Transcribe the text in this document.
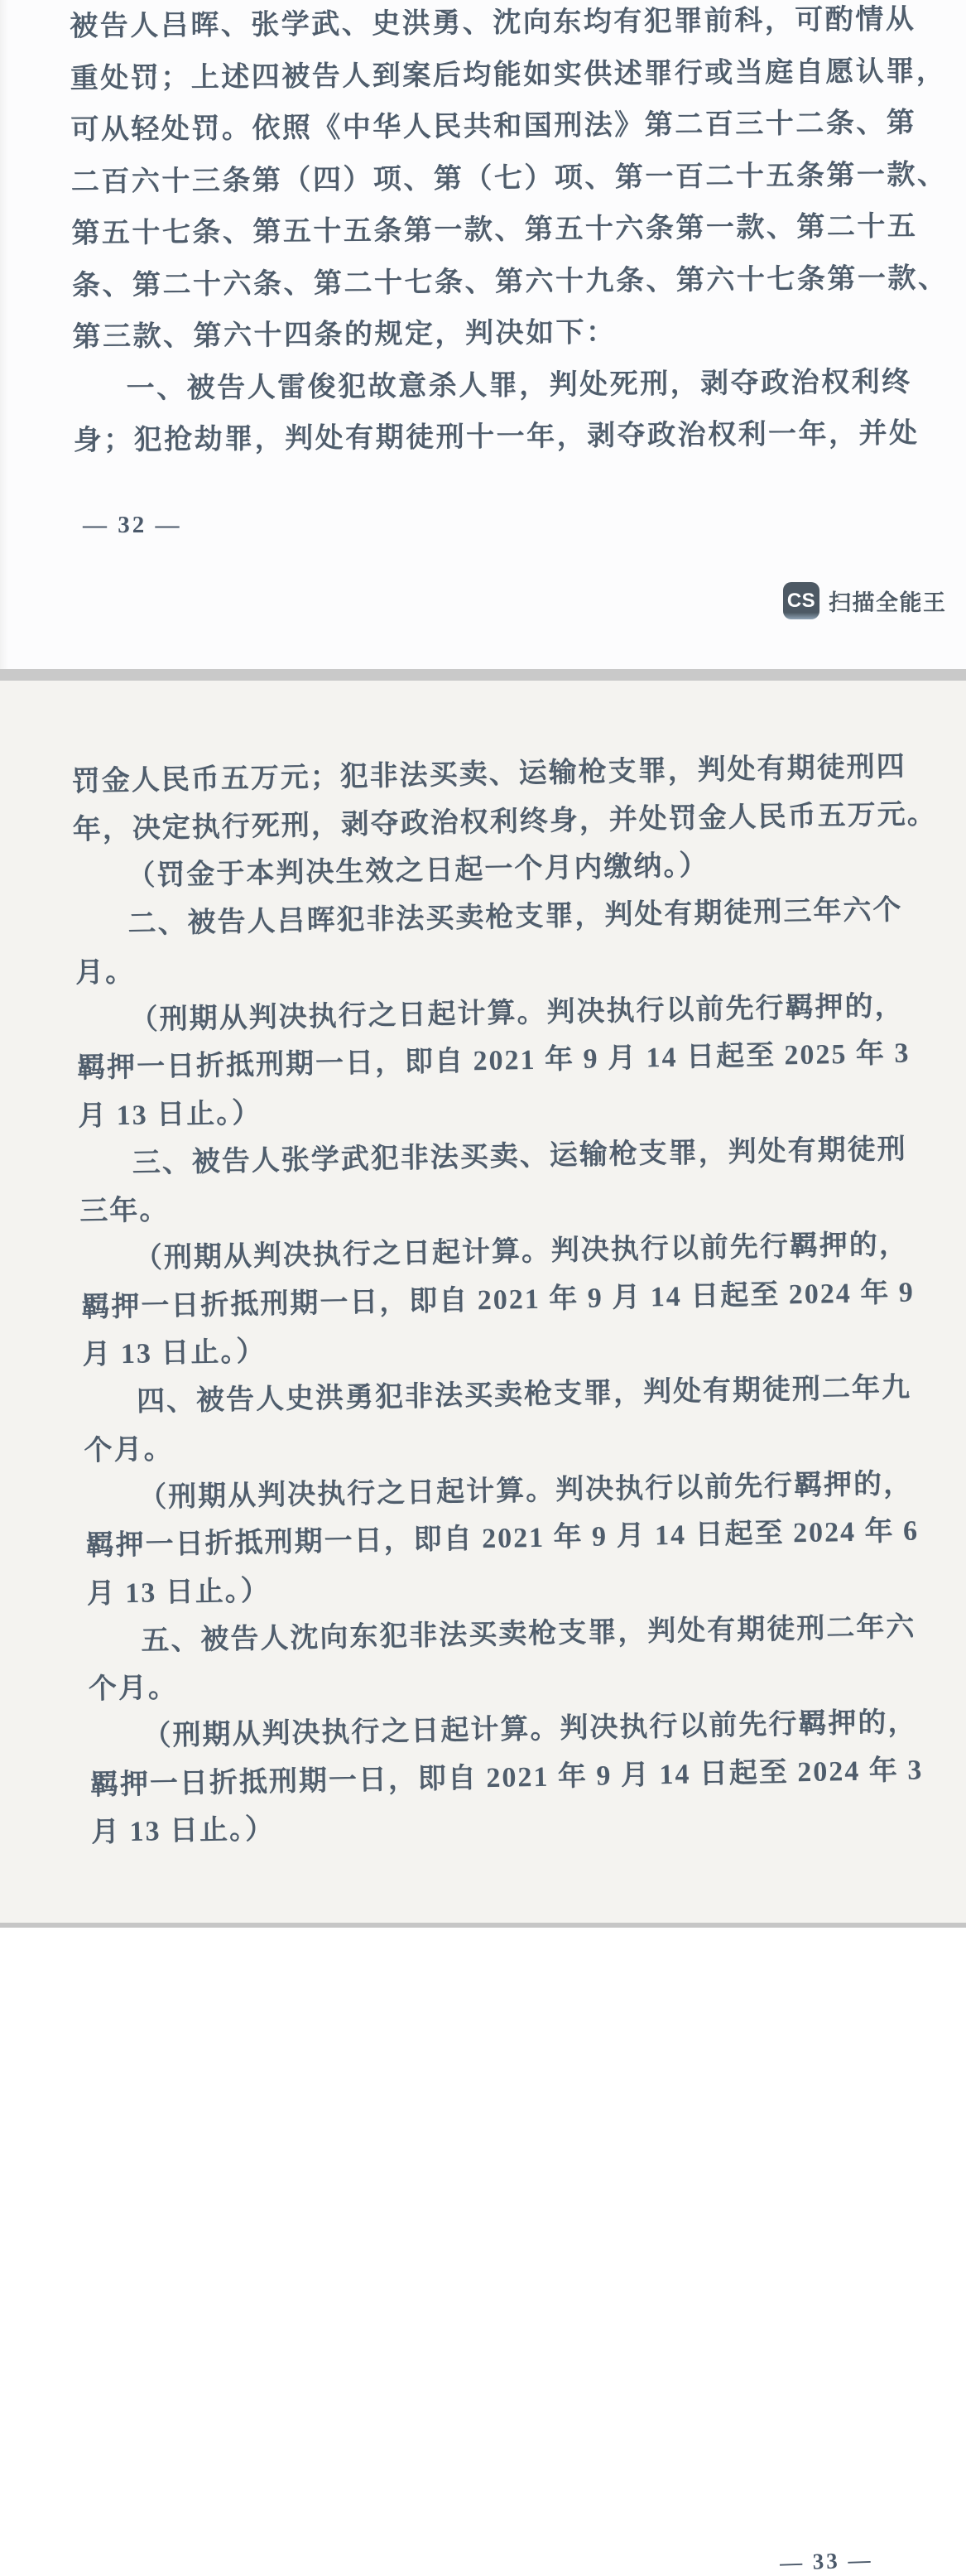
被告人吕晖、张学武、史洪勇、沈向东均有犯罪前科，可酌情从
重处罚；上述四被告人到案后均能如实供述罪行或当庭自愿认罪，
可从轻处罚。依照《中华人民共和国刑法》第二百三十二条、第
二百六十三条第（四）项、第（七）项、第一百二十五条第一款、
第五十七条、第五十五条第一款、第五十六条第一款、第二十五
条、第二十六条、第二十七条、第六十九条、第六十七条第一款、
第三款、第六十四条的规定，判决如下：
一、被告人雷俊犯故意杀人罪，判处死刑，剥夺政治权利终
身；犯抢劫罪，判处有期徒刑十一年，剥夺政治权利一年，并处
— 32 —
CS 扫描全能王
罚金人民币五万元；犯非法买卖、运输枪支罪，判处有期徒刑四
年，决定执行死刑，剥夺政治权利终身，并处罚金人民币五万元。
（罚金于本判决生效之日起一个月内缴纳。）
二、被告人吕晖犯非法买卖枪支罪，判处有期徒刑三年六个
月。
（刑期从判决执行之日起计算。判决执行以前先行羁押的，
羁押一日折抵刑期一日，即自 2021 年 9 月 14 日起至 2025 年 3
月 13 日止。）
三、被告人张学武犯非法买卖、运输枪支罪，判处有期徒刑
三年。
（刑期从判决执行之日起计算。判决执行以前先行羁押的，
羁押一日折抵刑期一日，即自 2021 年 9 月 14 日起至 2024 年 9
月 13 日止。）
四、被告人史洪勇犯非法买卖枪支罪，判处有期徒刑二年九
个月。
（刑期从判决执行之日起计算。判决执行以前先行羁押的，
羁押一日折抵刑期一日，即自 2021 年 9 月 14 日起至 2024 年 6
月 13 日止。）
五、被告人沈向东犯非法买卖枪支罪，判处有期徒刑二年六
个月。
（刑期从判决执行之日起计算。判决执行以前先行羁押的，
羁押一日折抵刑期一日，即自 2021 年 9 月 14 日起至 2024 年 3
月 13 日止。）
— 33 —
